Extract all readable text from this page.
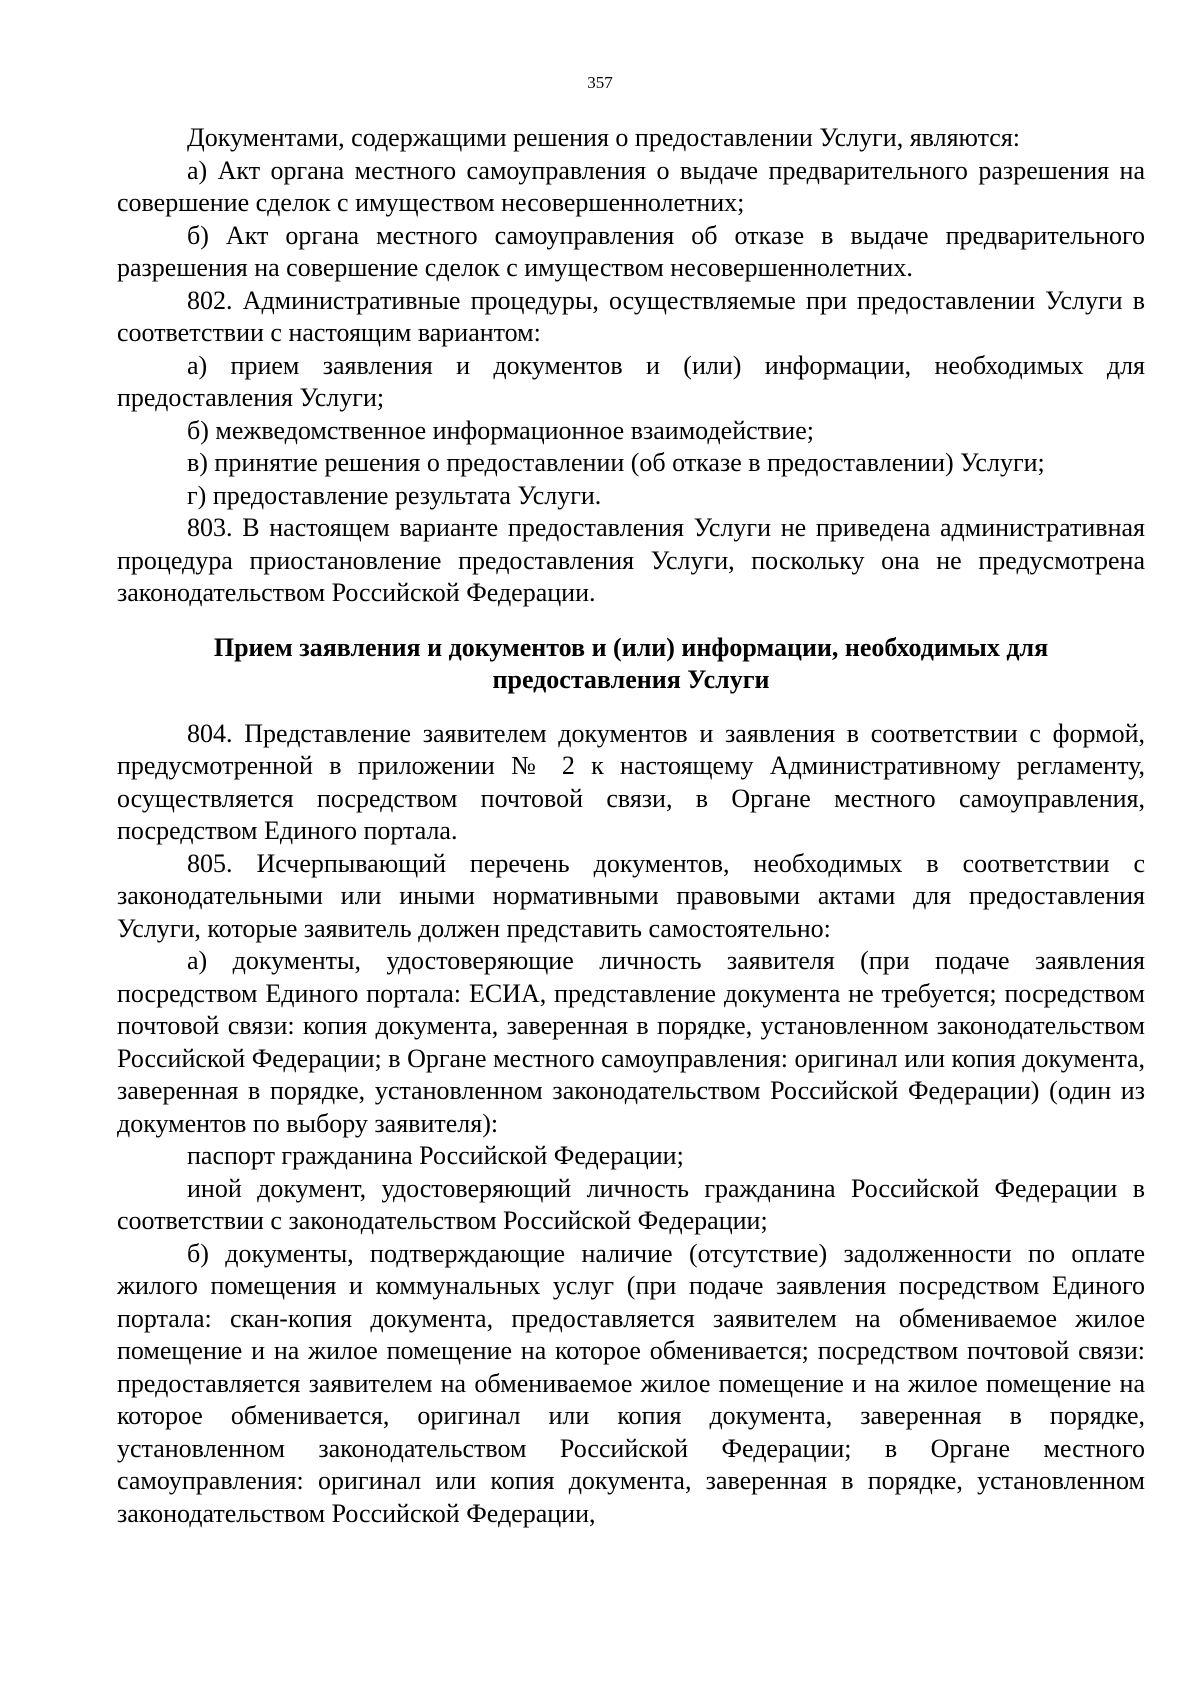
357

Документами, содержащими решения о предоставлении Услуги, являются:

а) Акт органа местного самоуправления о выдаче предварительного разрешения на совершение сделок с имуществом несовершеннолетних;

б) Акт органа местного самоуправления об отказе в выдаче предварительного разрешения на совершение сделок с имуществом несовершеннолетних.

802. Административные процедуры, осуществляемые при предоставлении Услуги в соответствии с настоящим вариантом:

а) прием заявления и документов и (или) информации, необходимых для предоставления Услуги;

б) межведомственное информационное взаимодействие;

в) принятие решения о предоставлении (об отказе в предоставлении) Услуги;

г) предоставление результата Услуги.

803. В настоящем варианте предоставления Услуги не приведена административная процедура приостановление предоставления Услуги, поскольку она не предусмотрена законодательством Российской Федерации.

Прием заявления и документов и (или) информации, необходимых для
предоставления Услуги

804. Представление заявителем документов и заявления в соответствии с формой, предусмотренной в приложении № 2 к настоящему Административному регламенту, осуществляется посредством почтовой связи, в Органе местного самоуправления, посредством Единого портала.

805. Исчерпывающий перечень документов, необходимых в соответствии с законодательными или иными нормативными правовыми актами для предоставления Услуги, которые заявитель должен представить самостоятельно:

а) документы, удостоверяющие личность заявителя (при подаче заявления посредством Единого портала: ЕСИА, представление документа не требуется; посредством почтовой связи: копия документа, заверенная в порядке, установленном законодательством Российской Федерации; в Органе местного самоуправления: оригинал или копия документа, заверенная в порядке, установленном законодательством Российской Федерации) (один из документов по выбору заявителя):

паспорт гражданина Российской Федерации;

иной документ, удостоверяющий личность гражданина Российской Федерации в соответствии с законодательством Российской Федерации;

б) документы, подтверждающие наличие (отсутствие) задолженности по оплате жилого помещения и коммунальных услуг (при подаче заявления посредством Единого портала: скан-копия документа, предоставляется заявителем на обмениваемое жилое помещение и на жилое помещение на которое обменивается; посредством почтовой связи: предоставляется заявителем на обмениваемое жилое помещение и на жилое помещение на которое обменивается, оригинал или копия документа, заверенная в порядке, установленном законодательством Российской Федерации; в Органе местного самоуправления: оригинал или копия документа, заверенная в порядке, установленном законодательством Российской Федерации,
